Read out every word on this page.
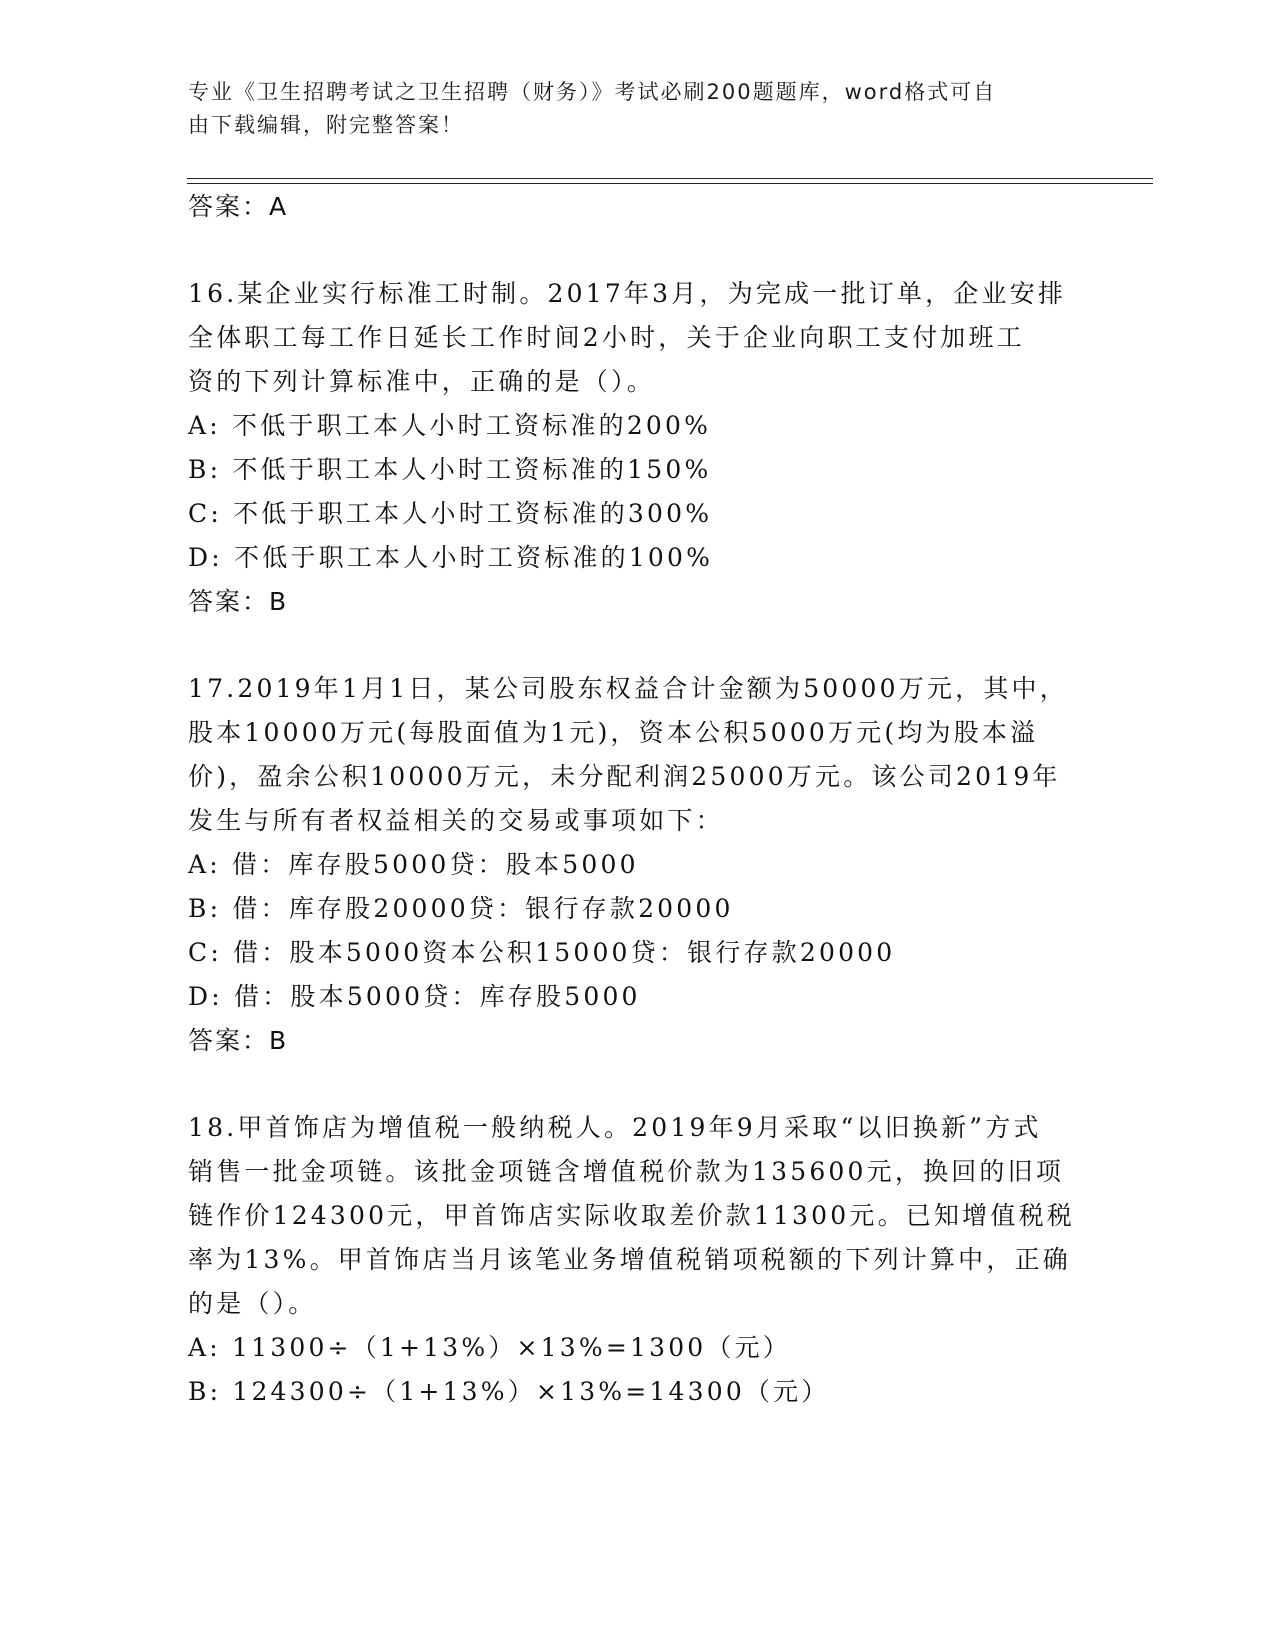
专业《卫生招聘考试之卫生招聘（财务）》考试必刷200题题库，word格式可自
由下载编辑，附完整答案！
答案：A
16.某企业实行标准工时制。2017年3月，为完成一批订单，企业安排
全体职工每工作日延长工作时间2小时，关于企业向职工支付加班工
资的下列计算标准中，正确的是（）。
A: 不低于职工本人小时工资标准的200%
B: 不低于职工本人小时工资标准的150%
C: 不低于职工本人小时工资标准的300%
D: 不低于职工本人小时工资标准的100%
答案：B
17.2019年1月1日，某公司股东权益合计金额为50000万元，其中，
股本10000万元(每股面值为1元)，资本公积5000万元(均为股本溢
价)，盈余公积10000万元，未分配利润25000万元。该公司2019年
发生与所有者权益相关的交易或事项如下：
A: 借：库存股5000贷：股本5000
B: 借：库存股20000贷：银行存款20000
C: 借：股本5000资本公积15000贷：银行存款20000
D: 借：股本5000贷：库存股5000
答案：B
18.甲首饰店为增值税一般纳税人。2019年9月采取“以旧换新”方式
销售一批金项链。该批金项链含增值税价款为135600元，换回的旧项
链作价124300元，甲首饰店实际收取差价款11300元。已知增值税税
率为13%。甲首饰店当月该笔业务增值税销项税额的下列计算中，正确
的是（）。
A: 11300÷（1+13%）×13%=1300（元）
B: 124300÷（1+13%）×13%=14300（元）
